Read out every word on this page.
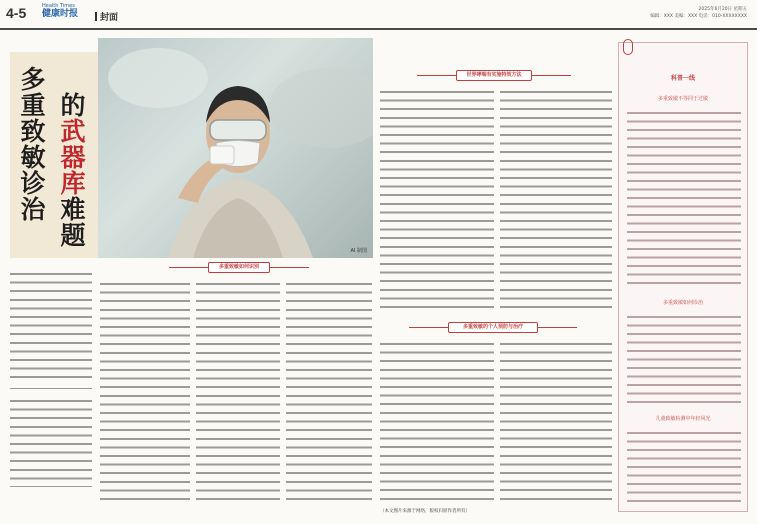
4-5	Health Times
健康时报	封面
2025年6月20日 星期五
编辑：XXX 美编：XXX 电话：010-XXXXXXXX
多重致敏诊治 的武器库难题
AI 制图
多重致敏如何识别
世界哮喘有实施特效方法
多重致敏的个人预防与治疗
（本文图片来源于网络，版权归原作者所有）
科普一线
多重致敏不等同于过敏
多重致敏如何诊治
儿童致敏检测中年轻风光
